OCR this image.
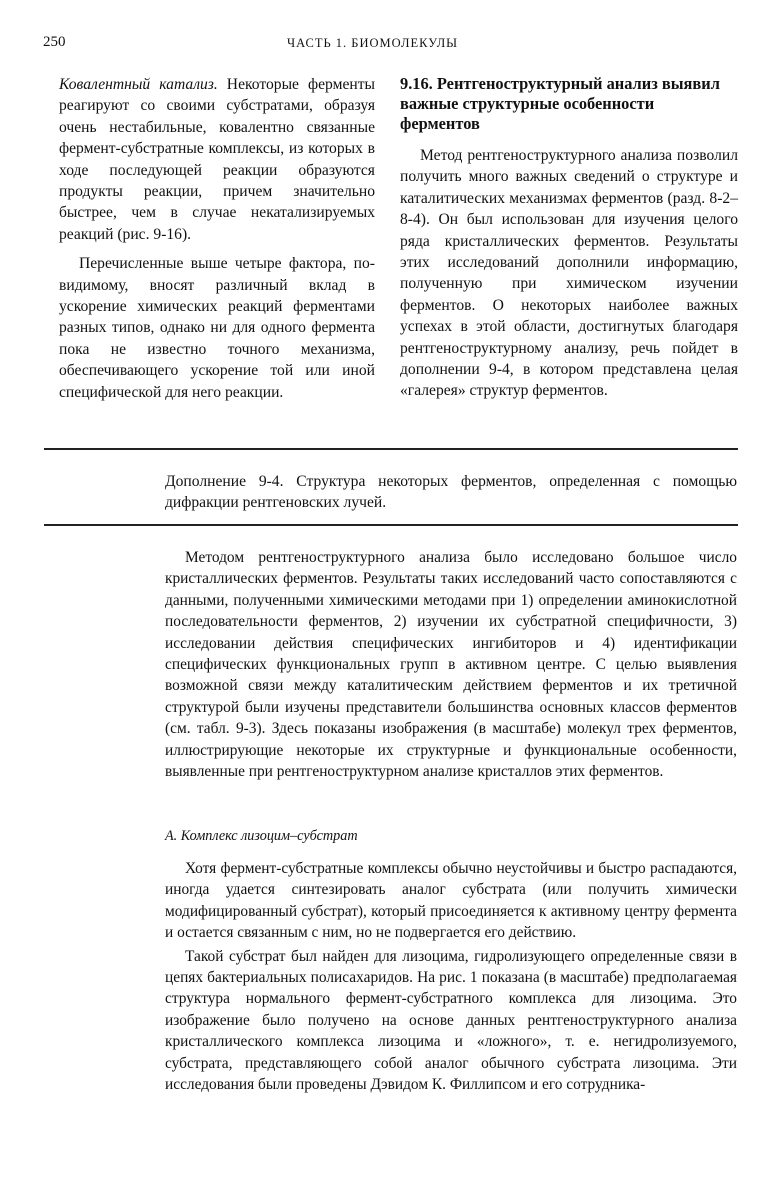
250	ЧАСТЬ 1. БИОМОЛЕКУЛЫ

Ковалентный катализ. Некоторые ферменты реагируют со своими субстратами, образуя очень нестабильные, ковалентно связанные фермент-субстратные комплексы, из которых в ходе последующей реакции образуются продукты реакции, причем значительно быстрее, чем в случае некатализируемых реакций (рис. 9-16).

Перечисленные выше четыре фактора, по-видимому, вносят различный вклад в ускорение химических реакций ферментами разных типов, однако ни для одного фермента пока не известно точного механизма, обеспечивающего ускорение той или иной специфической для него реакции.

9.16. Рентгеноструктурный анализ выявил важные структурные особенности ферментов

Метод рентгеноструктурного анализа позволил получить много важных сведений о структуре и каталитических механизмах ферментов (разд. 8-2–8-4). Он был использован для изучения целого ряда кристаллических ферментов. Результаты этих исследований дополнили информацию, полученную при химическом изучении ферментов. О некоторых наиболее важных успехах в этой области, достигнутых благодаря рентгеноструктурному анализу, речь пойдет в дополнении 9-4, в котором представлена целая «галерея» структур ферментов.

Дополнение 9-4. Структура некоторых ферментов, определенная с помощью дифракции рентгеновских лучей.

Методом рентгеноструктурного анализа было исследовано большое число кристаллических ферментов. Результаты таких исследований часто сопоставляются с данными, полученными химическими методами при 1) определении аминокислотной последовательности ферментов, 2) изучении их субстратной специфичности, 3) исследовании действия специфических ингибиторов и 4) идентификации специфических функциональных групп в активном центре. С целью выявления возможной связи между каталитическим действием ферментов и их третичной структурой были изучены представители большинства основных классов ферментов (см. табл. 9-3). Здесь показаны изображения (в масштабе) молекул трех ферментов, иллюстрирующие некоторые их структурные и функциональные особенности, выявленные при рентгеноструктурном анализе кристаллов этих ферментов.

А. Комплекс лизоцим–субстрат

Хотя фермент-субстратные комплексы обычно неустойчивы и быстро распадаются, иногда удается синтезировать аналог субстрата (или получить химически модифицированный субстрат), который присоединяется к активному центру фермента и остается связанным с ним, но не подвергается его действию.

Такой субстрат был найден для лизоцима, гидролизующего определенные связи в цепях бактериальных полисахаридов. На рис. 1 показана (в масштабе) предполагаемая структура нормального фермент-субстратного комплекса для лизоцима. Это изображение было получено на основе данных рентгеноструктурного анализа кристаллического комплекса лизоцима и «ложного», т. е. негидролизуемого, субстрата, представляющего собой аналог обычного субстрата лизоцима. Эти исследования были проведены Дэвидом К. Филлипсом и его сотрудника-
